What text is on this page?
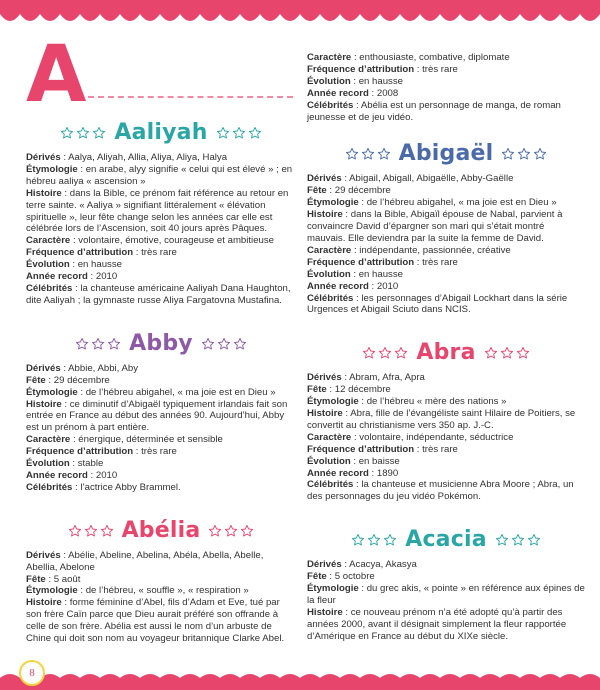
A
Aaliyah

Dérivés : Aalya, Aliyah, Allia, Aliya, Aliya, Halya

Étymologie : en arabe, alyy signifie « celui qui est élevé » ; en hébreu aaliya « ascension »

Histoire : dans la Bible, ce prénom fait référence au retour en terre sainte. « Aaliya » signifiant littéralement « élévation spirituelle », leur fête change selon les années car elle est célébrée lors de l’Ascension, soit 40 jours après Pâques.

Caractère : volontaire, émotive, courageuse et ambitieuse

Fréquence d’attribution : très rare

Évolution : en hausse

Année record : 2010

Célébrités : la chanteuse américaine Aaliyah Dana Haughton, dite Aaliyah ; la gymnaste russe Aliya Fargatovna Mustafina.

Abby

Dérivés : Abbie, Abbi, Aby

Fête : 29 décembre

Étymologie : de l’hébreu abigahel, « ma joie est en Dieu »

Histoire : ce diminutif d’Abigaël typiquement irlandais fait son entrée en France au début des années 90. Aujourd’hui, Abby est un prénom à part entière.

Caractère : énergique, déterminée et sensible

Fréquence d’attribution : très rare

Évolution : stable

Année record : 2010

Célébrités : l’actrice Abby Brammel.

Abélia

Dérivés : Abélie, Abeline, Abelina, Abéla, Abella, Abelle, Abellia, Abelone

Fête : 5 août

Étymologie : de l’hébreu, « souffle », « respiration »

Histoire : forme féminine d’Abel, fils d’Adam et Eve, tué par son frère Caïn parce que Dieu aurait préféré son offrande à celle de son frère. Abélia est aussi le nom d’un arbuste de Chine qui doit son nom au voyageur britannique Clarke Abel.

Caractère : enthousiaste, combative, diplomate

Fréquence d’attribution : très rare

Évolution : en hausse

Année record : 2008

Célébrités : Abélia est un personnage de manga, de roman jeunesse et de jeu vidéo.

Abigaël

Dérivés : Abigail, Abigall, Abigaëlle, Abby-Gaëlle

Fête : 29 décembre

Étymologie : de l’hébreu abigahel, « ma joie est en Dieu »

Histoire : dans la Bible, Abigaïl épouse de Nabal, parvient à convaincre David d’épargner son mari qui s’était montré mauvais. Elle deviendra par la suite la femme de David.

Caractère : indépendante, passionnée, créative

Fréquence d’attribution : très rare

Évolution : en hausse

Année record : 2010

Célébrités : les personnages d’Abigail Lockhart dans la série Urgences et Abigail Sciuto dans NCIS.

Abra

Dérivés : Abram, Afra, Apra

Fête : 12 décembre

Étymologie : de l’hébreu « mère des nations »

Histoire : Abra, fille de l’évangéliste saint Hilaire de Poitiers, se convertit au christianisme vers 350 ap. J.-C.

Caractère : volontaire, indépendante, séductrice

Fréquence d’attribution : très rare

Évolution : en baisse

Année record : 1890

Célébrités : la chanteuse et musicienne Abra Moore ; Abra, un des personnages du jeu vidéo Pokémon.

Acacia

Dérivés : Acacya, Akasya

Fête : 5 octobre

Étymologie : du grec akis, « pointe » en référence aux épines de la fleur

Histoire : ce nouveau prénom n’a été adopté qu’à partir des années 2000, avant il désignait simplement la fleur rapportée d’Amérique en France au début du XIXe siècle.

8
